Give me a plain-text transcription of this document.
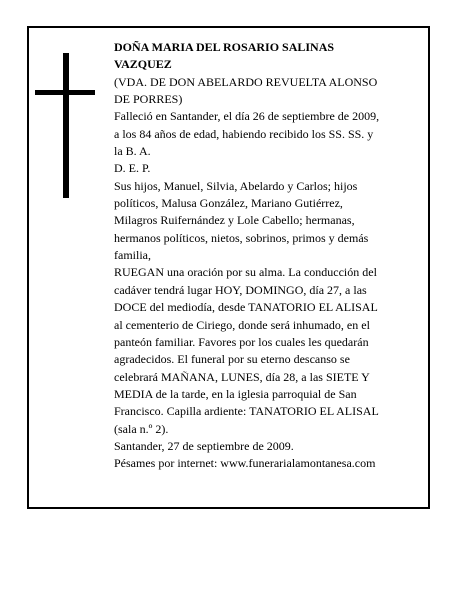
DOÑA MARIA DEL ROSARIO SALINAS
VAZQUEZ
(VDA. DE DON ABELARDO REVUELTA ALONSO
DE PORRES)
Falleció en Santander, el día 26 de septiembre de 2009,
a los 84 años de edad, habiendo recibido los SS. SS. y
la B. A.
D. E. P.
Sus hijos, Manuel, Silvia, Abelardo y Carlos; hijos
políticos, Malusa González, Mariano Gutiérrez,
Milagros Ruifernández y Lole Cabello; hermanas,
hermanos políticos, nietos, sobrinos, primos y demás
familia,
RUEGAN una oración por su alma. La conducción del
cadáver tendrá lugar HOY, DOMINGO, día 27, a las
DOCE del mediodía, desde TANATORIO EL ALISAL
al cementerio de Ciriego, donde será inhumado, en el
panteón familiar. Favores por los cuales les quedarán
agradecidos. El funeral por su eterno descanso se
celebrará MAÑANA, LUNES, día 28, a las SIETE Y
MEDIA de la tarde, en la iglesia parroquial de San
Francisco. Capilla ardiente: TANATORIO EL ALISAL
(sala n.º 2).
Santander, 27 de septiembre de 2009.
Pésames por internet: www.funerarialamontanesa.com
